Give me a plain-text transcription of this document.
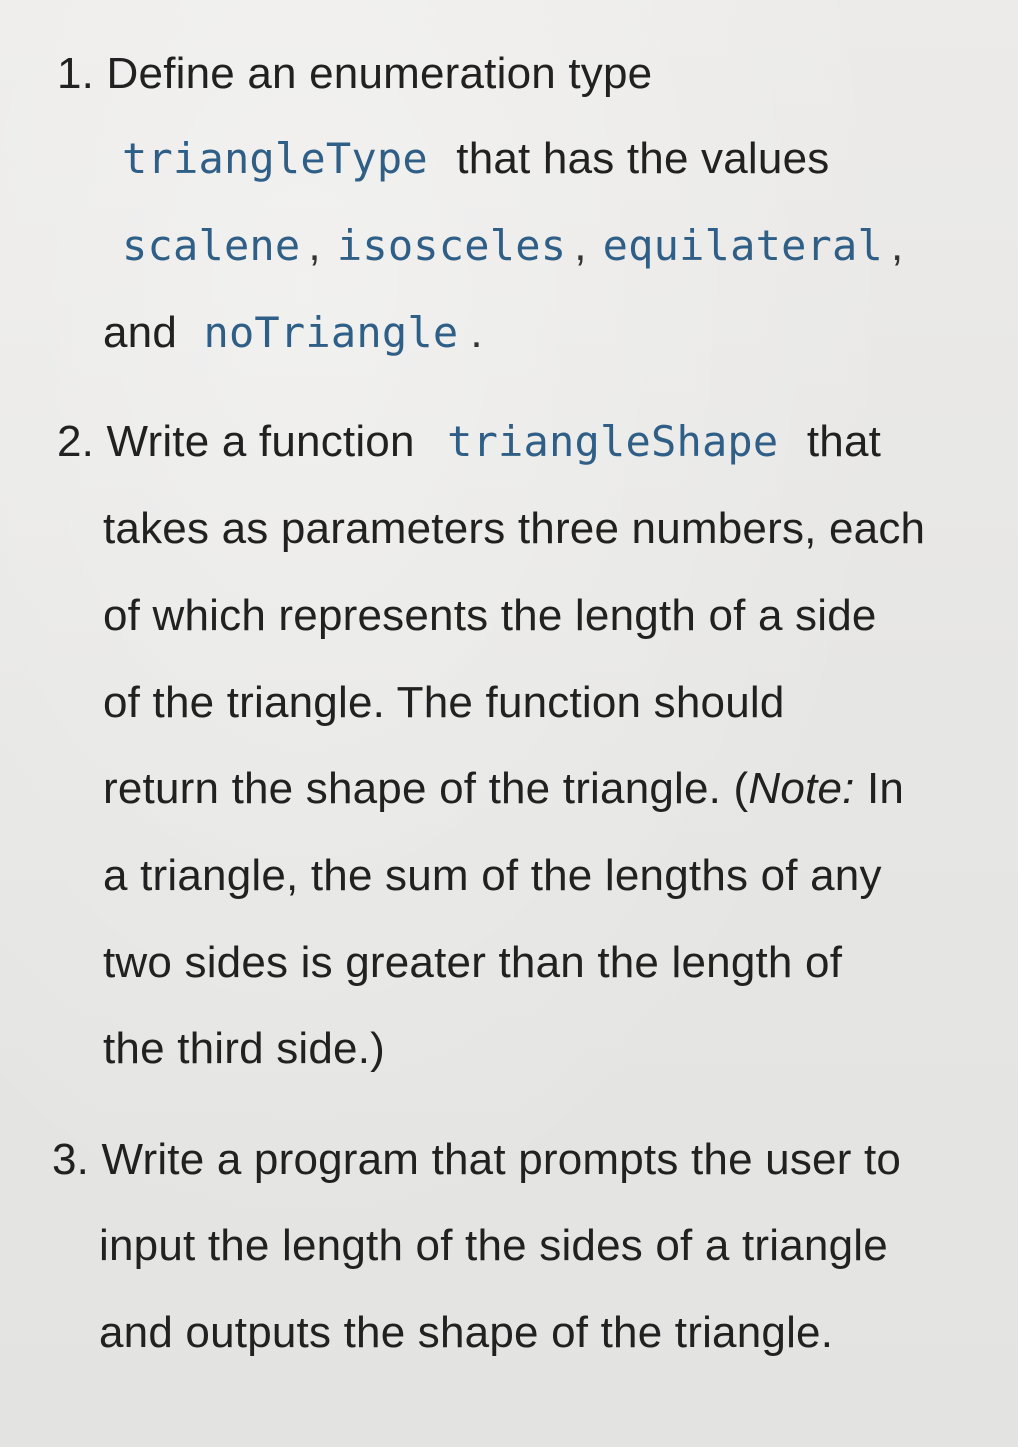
1. Define an enumeration type
triangleType that has the values
scalene , isosceles , equilateral ,
and noTriangle .
2. Write a function triangleShape that
takes as parameters three numbers, each
of which represents the length of a side
of the triangle. The function should
return the shape of the triangle. (Note: In
a triangle, the sum of the lengths of any
two sides is greater than the length of
the third side.)
3. Write a program that prompts the user to
input the length of the sides of a triangle
and outputs the shape of the triangle.
